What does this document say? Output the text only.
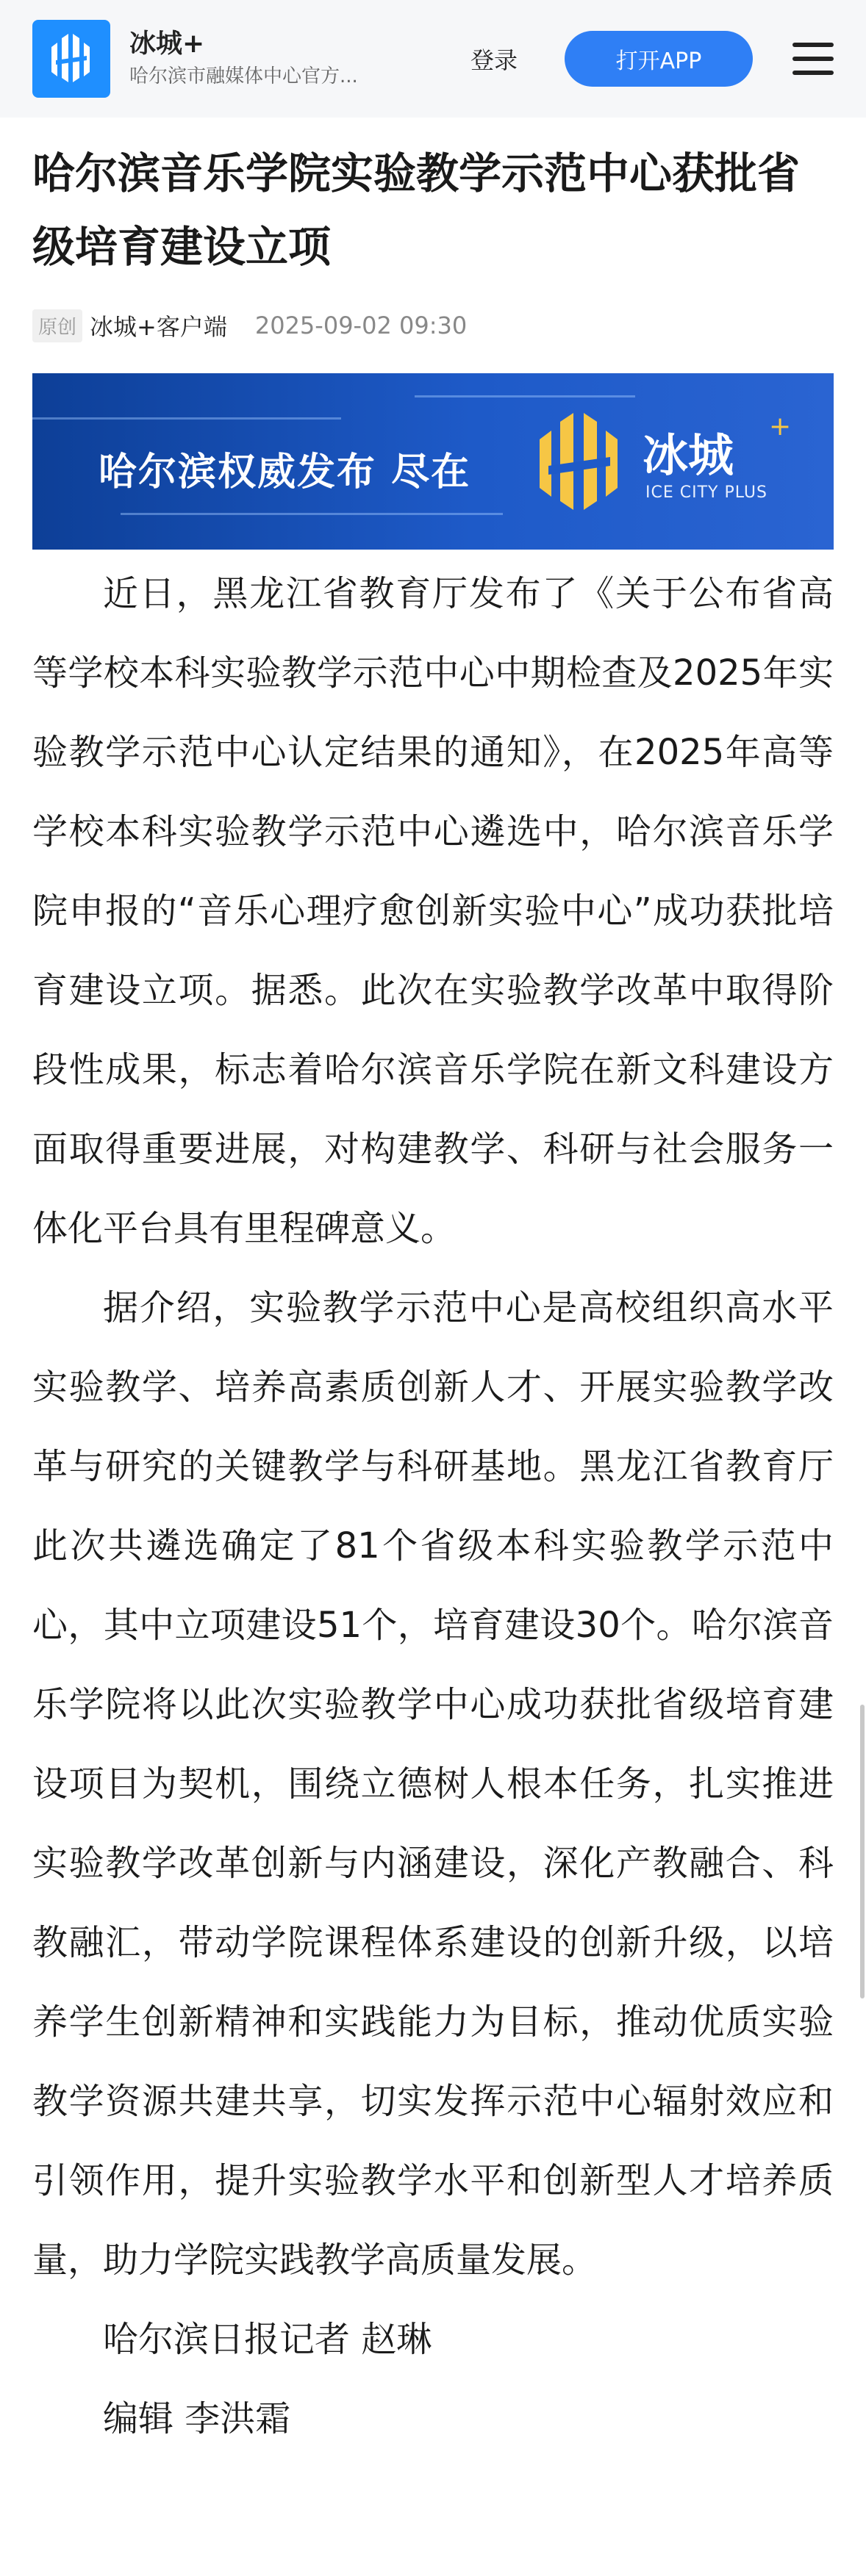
冰城+
哈尔滨市融媒体中心官方...
登录	打开APP
哈尔滨音乐学院实验教学示范中心获批省级培育建设立项
原创 冰城+客户端 2025-09-02 09:30
哈尔滨权威发布 尽在	冰城
+
ICE CITY PLUS

近日，黑龙江省教育厅发布了《关于公布省高等学校本科实验教学示范中心中期检查及2025年实验教学示范中心认定结果的通知》，在2025年高等学校本科实验教学示范中心遴选中，哈尔滨音乐学院申报的“音乐心理疗愈创新实验中心”成功获批培育建设立项。据悉。此次在实验教学改革中取得阶段性成果，标志着哈尔滨音乐学院在新文科建设方面取得重要进展，对构建教学、科研与社会服务一体化平台具有里程碑意义。

据介绍，实验教学示范中心是高校组织高水平实验教学、培养高素质创新人才、开展实验教学改革与研究的关键教学与科研基地。黑龙江省教育厅此次共遴选确定了81个省级本科实验教学示范中心，其中立项建设51个，培育建设30个。哈尔滨音乐学院将以此次实验教学中心成功获批省级培育建设项目为契机，围绕立德树人根本任务，扎实推进实验教学改革创新与内涵建设，深化产教融合、科教融汇，带动学院课程体系建设的创新升级，以培养学生创新精神和实践能力为目标，推动优质实验教学资源共建共享，切实发挥示范中心辐射效应和引领作用，提升实验教学水平和创新型人才培养质量，助力学院实践教学高质量发展。

哈尔滨日报记者 赵琳

编辑 李洪霜
